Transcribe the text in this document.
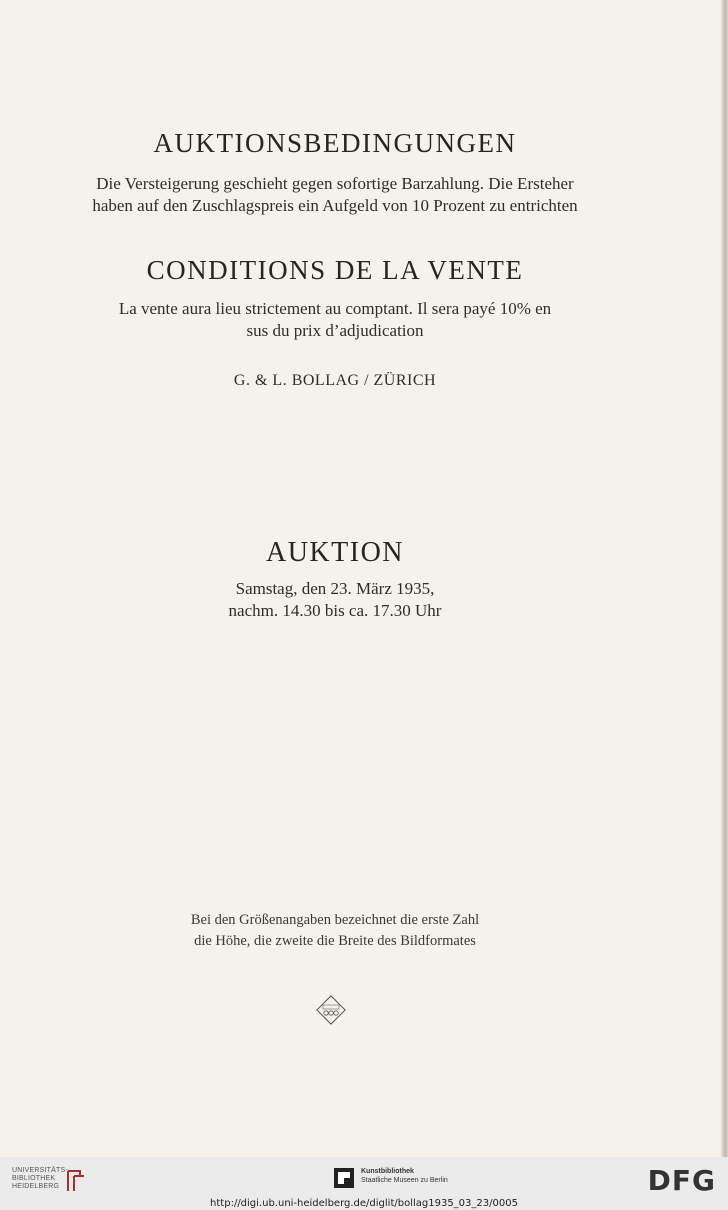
AUKTIONSBEDINGUNGEN
Die Versteigerung geschieht gegen sofortige Barzahlung. Die Ersteher
haben auf den Zuschlagspreis ein Aufgeld von 10 Prozent zu entrichten
CONDITIONS DE LA VENTE
La vente aura lieu strictement au comptant. Il sera payé 10% en
sus du prix d’adjudication
G. & L. BOLLAG / ZÜRICH
AUKTION
Samstag, den 23. März 1935,
nachm. 14.30 bis ca. 17.30 Uhr
Bei den Größenangaben bezeichnet die erste Zahl
die Höhe, die zweite die Breite des Bildformates
UNIVERSITÄTS-
BIBLIOTHEK
HEIDELBERG
Kunstbibliothek
Staatliche Museen zu Berlin	DFG
http://digi.ub.uni-heidelberg.de/diglit/bollag1935_03_23/0005
